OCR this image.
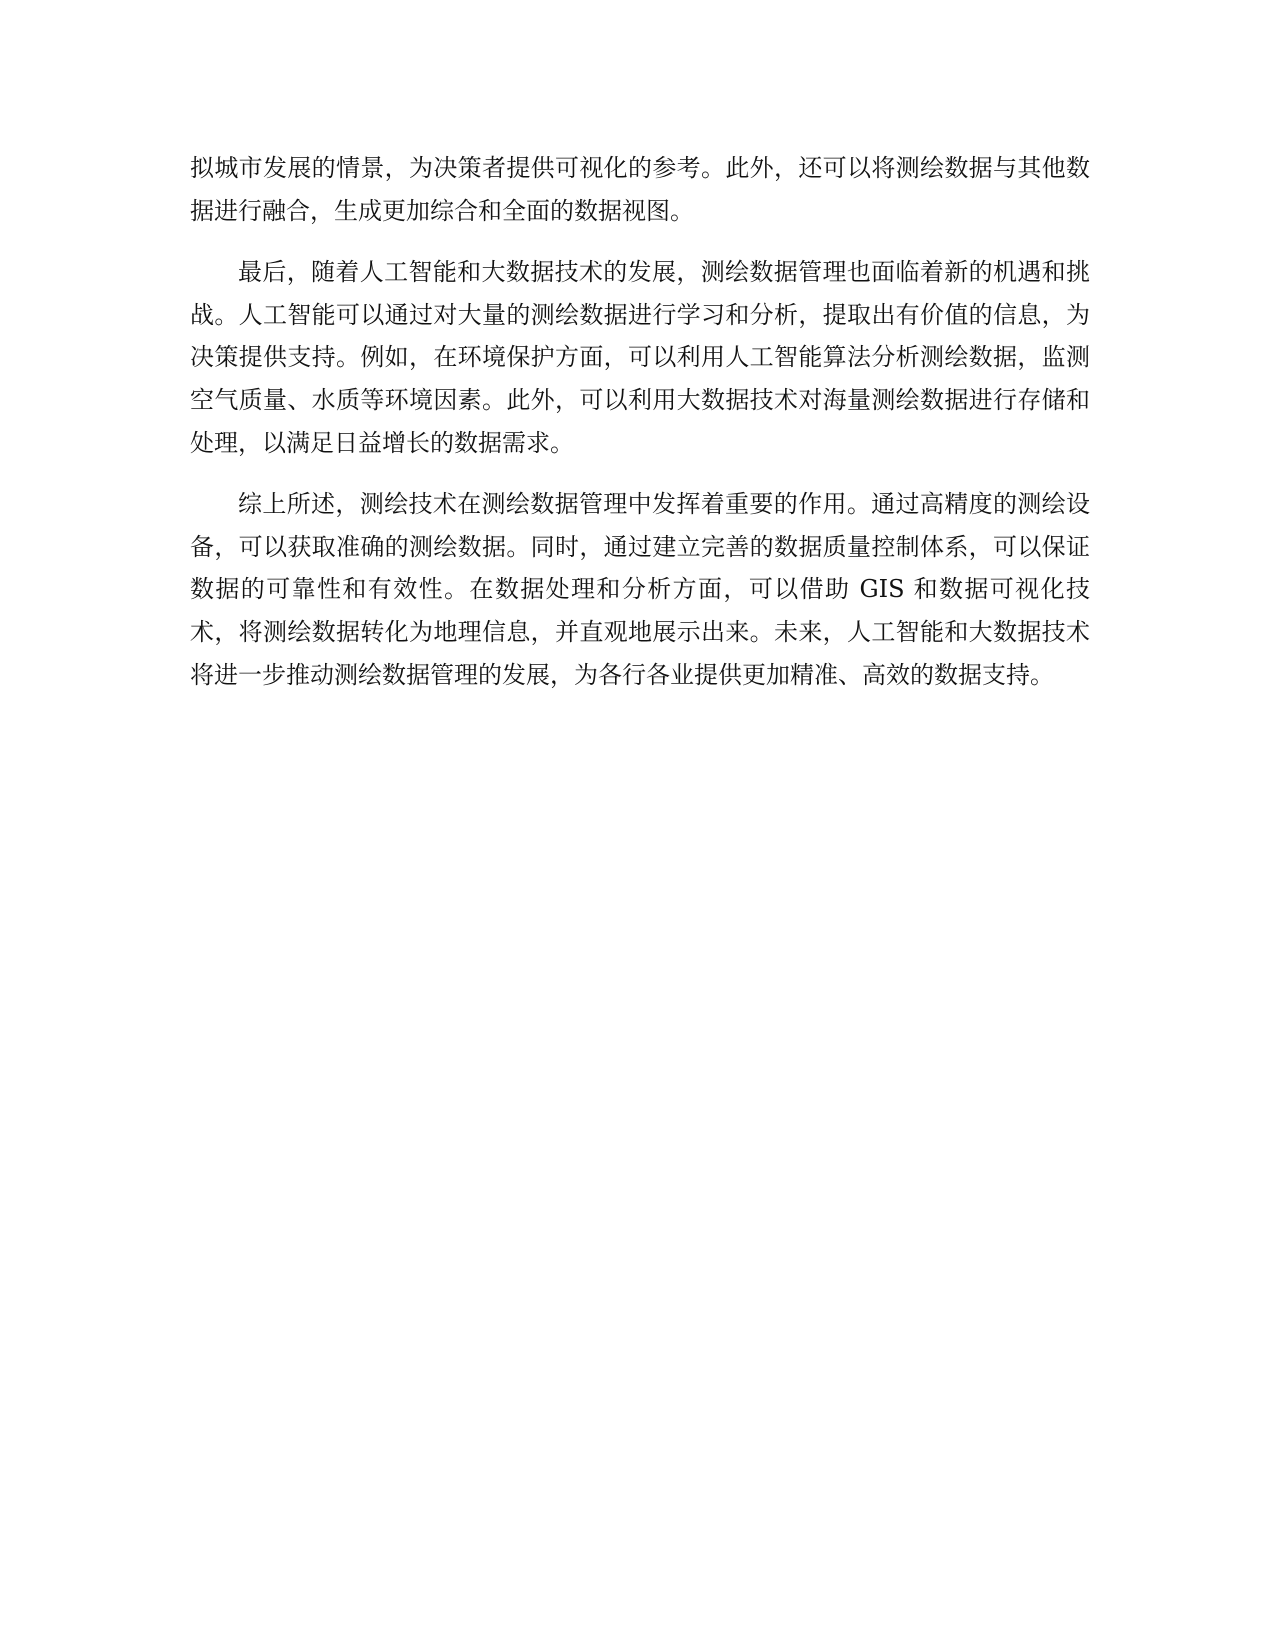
拟城市发展的情景，为决策者提供可视化的参考。此外，还可以将测绘数据与其他数据进行融合，生成更加综合和全面的数据视图。

最后，随着人工智能和大数据技术的发展，测绘数据管理也面临着新的机遇和挑战。人工智能可以通过对大量的测绘数据进行学习和分析，提取出有价值的信息，为决策提供支持。例如，在环境保护方面，可以利用人工智能算法分析测绘数据，监测空气质量、水质等环境因素。此外，可以利用大数据技术对海量测绘数据进行存储和处理，以满足日益增长的数据需求。

综上所述，测绘技术在测绘数据管理中发挥着重要的作用。通过高精度的测绘设备，可以获取准确的测绘数据。同时，通过建立完善的数据质量控制体系，可以保证数据的可靠性和有效性。在数据处理和分析方面，可以借助 GIS 和数据可视化技术，将测绘数据转化为地理信息，并直观地展示出来。未来，人工智能和大数据技术将进一步推动测绘数据管理的发展，为各行各业提供更加精准、高效的数据支持。
